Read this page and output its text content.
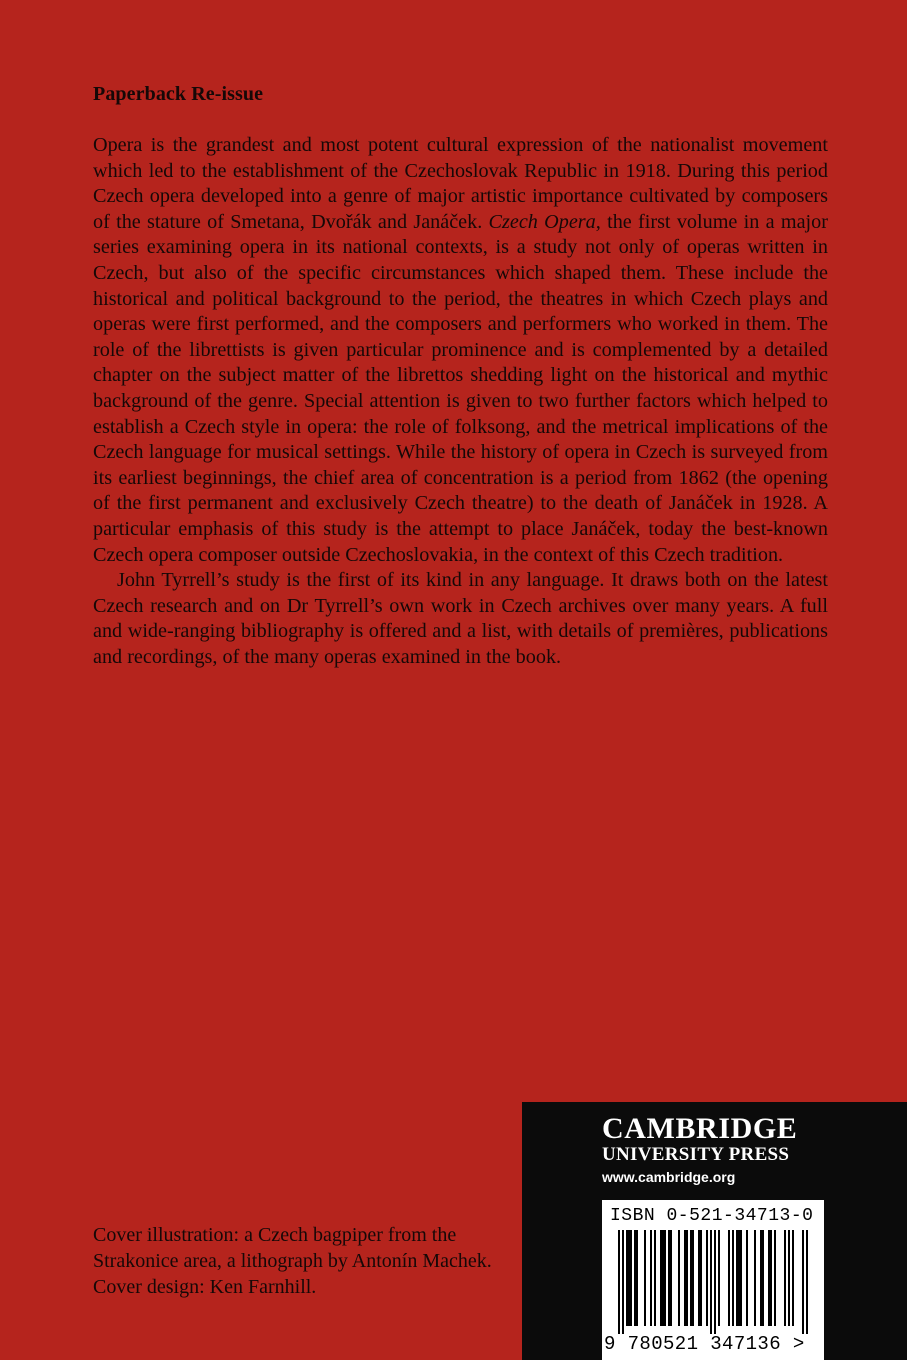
Paperback Re-issue

Opera is the grandest and most potent cultural expression of the nationalist movement which led to the establishment of the Czechoslovak Republic in 1918. During this period Czech opera developed into a genre of major artistic importance cultivated by composers of the stature of Smetana, Dvořák and Janáček. Czech Opera, the first volume in a major series examining opera in its national contexts, is a study not only of operas written in Czech, but also of the specific circumstances which shaped them. These include the historical and political background to the period, the theatres in which Czech plays and operas were first performed, and the composers and performers who worked in them. The role of the librettists is given particular prominence and is complemented by a detailed chapter on the subject matter of the librettos shedding light on the historical and mythic background of the genre. Special attention is given to two further factors which helped to establish a Czech style in opera: the role of folksong, and the metrical implications of the Czech language for musical settings. While the history of opera in Czech is surveyed from its earliest beginnings, the chief area of concentration is a period from 1862 (the opening of the first permanent and exclusively Czech theatre) to the death of Janáček in 1928. A particular emphasis of this study is the attempt to place Janáček, today the best-known Czech opera composer outside Czechoslovakia, in the context of this Czech tradition.

John Tyrrell’s study is the first of its kind in any language. It draws both on the latest Czech research and on Dr Tyrrell’s own work in Czech archives over many years. A full and wide-ranging bibliography is offered and a list, with details of premières, publications and recordings, of the many operas examined in the book.

Cover illustration: a Czech bagpiper from the Strakonice area, a lithograph by Antonín Machek. Cover design: Ken Farnhill.
CAMBRIDGE
UNIVERSITY PRESS
www.cambridge.org
ISBN 0-521-34713-0
9 780521 347136 >
